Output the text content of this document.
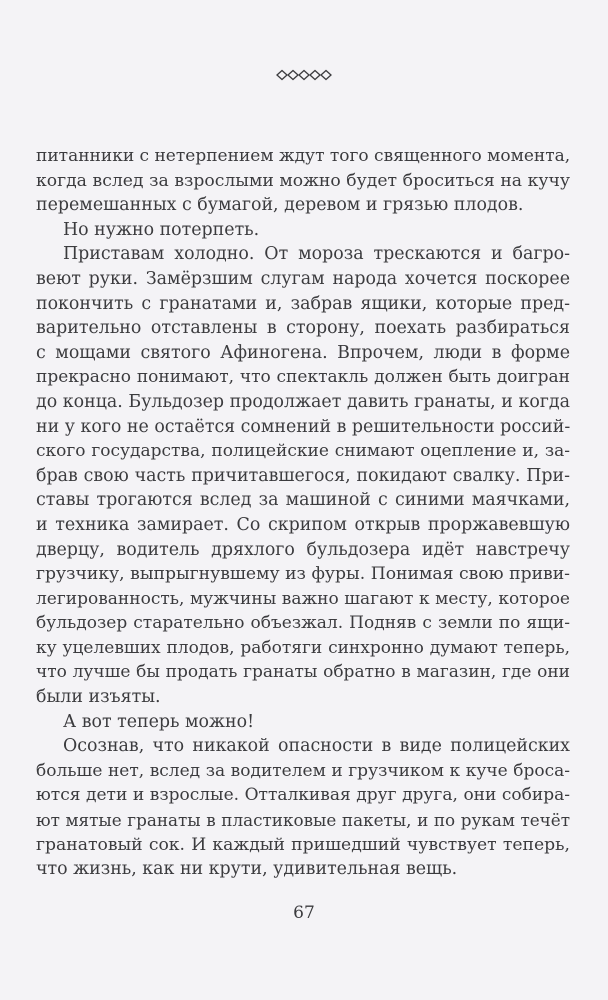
питанники с нетерпением ждут того священного момента,
когда вслед за взрослыми можно будет броситься на кучу
перемешанных с бумагой, деревом и грязью плодов.
Но нужно потерпеть.
Приставам холодно. От мороза трескаются и багро-
веют руки. Замёрзшим слугам народа хочется поскорее
покончить с гранатами и, забрав ящики, которые пред-
варительно отставлены в сторону, поехать разбираться
с мощами святого Афиногена. Впрочем, люди в форме
прекрасно понимают, что спектакль должен быть доигран
до конца. Бульдозер продолжает давить гранаты, и когда
ни у кого не остаётся сомнений в решительности россий-
ского государства, полицейские снимают оцепление и, за-
брав свою часть причитавшегося, покидают свалку. При-
ставы трогаются вслед за машиной с синими маячками,
и техника замирает. Со скрипом открыв проржавевшую
дверцу, водитель дряхлого бульдозера идёт навстречу
грузчику, выпрыгнувшему из фуры. Понимая свою приви-
легированность, мужчины важно шагают к месту, которое
бульдозер старательно объезжал. Подняв с земли по ящи-
ку уцелевших плодов, работяги синхронно думают теперь,
что лучше бы продать гранаты обратно в магазин, где они
были изъяты.
А вот теперь можно!
Осознав, что никакой опасности в виде полицейских
больше нет, вслед за водителем и грузчиком к куче броса-
ются дети и взрослые. Отталкивая друг друга, они собира-
ют мятые гранаты в пластиковые пакеты, и по рукам течёт
гранатовый сок. И каждый пришедший чувствует теперь,
что жизнь, как ни крути, удивительная вещь.
67
